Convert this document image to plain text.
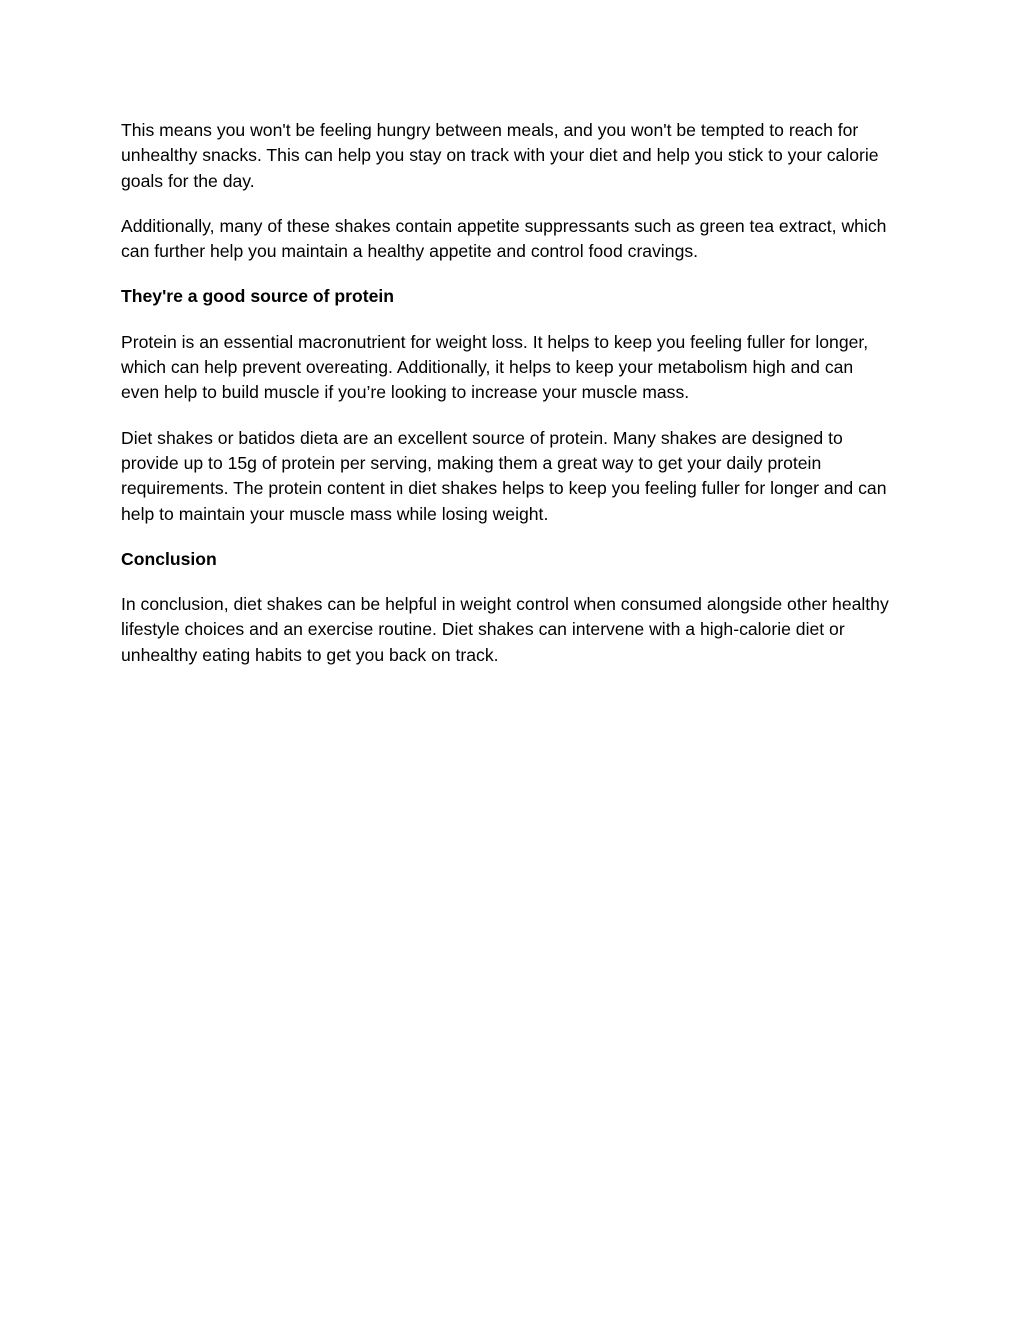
This means you won't be feeling hungry between meals, and you won't be tempted to reach for unhealthy snacks. This can help you stay on track with your diet and help you stick to your calorie goals for the day.

Additionally, many of these shakes contain appetite suppressants such as green tea extract, which can further help you maintain a healthy appetite and control food cravings.

They're a good source of protein

Protein is an essential macronutrient for weight loss. It helps to keep you feeling fuller for longer, which can help prevent overeating. Additionally, it helps to keep your metabolism high and can even help to build muscle if you’re looking to increase your muscle mass.

Diet shakes or batidos dieta are an excellent source of protein. Many shakes are designed to provide up to 15g of protein per serving, making them a great way to get your daily protein requirements. The protein content in diet shakes helps to keep you feeling fuller for longer and can help to maintain your muscle mass while losing weight.

Conclusion

In conclusion, diet shakes can be helpful in weight control when consumed alongside other healthy lifestyle choices and an exercise routine. Diet shakes can intervene with a high-calorie diet or unhealthy eating habits to get you back on track.
